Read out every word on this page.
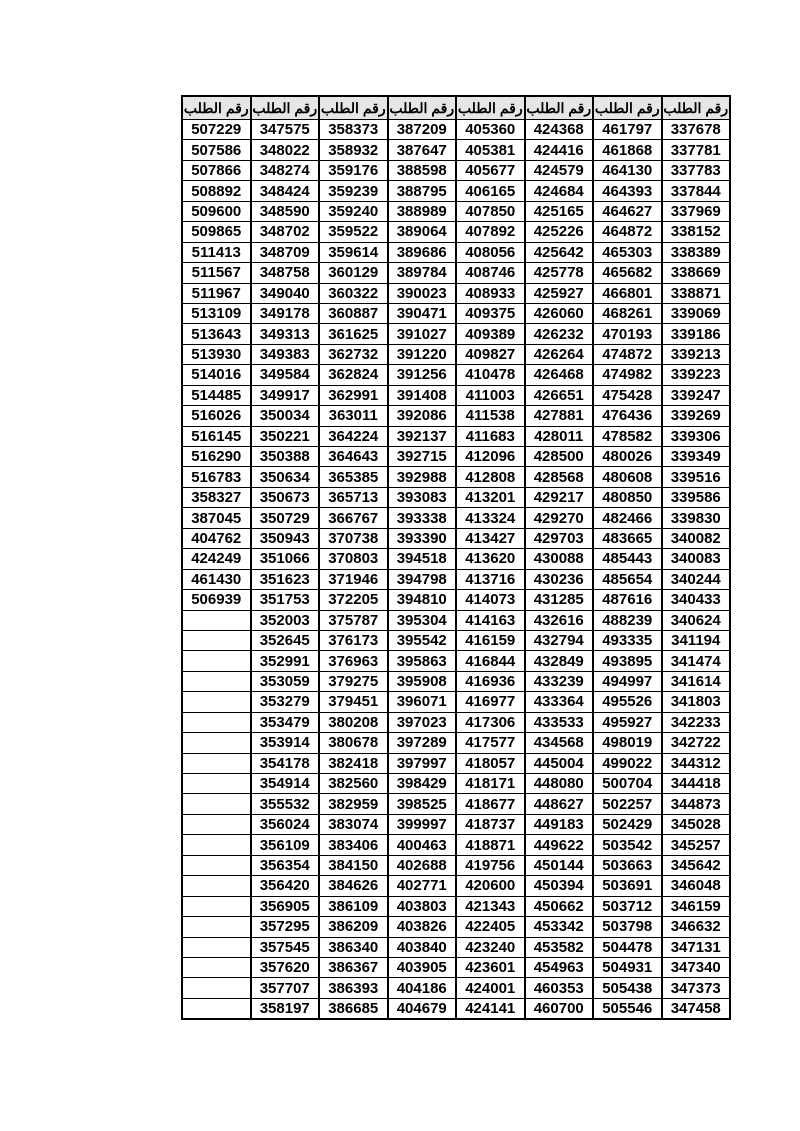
رقم الطلب	رقم الطلب	رقم الطلب	رقم الطلب	رقم الطلب	رقم الطلب	رقم الطلب	رقم الطلب
507229	347575	358373	387209	405360	424368	461797	337678
507586	348022	358932	387647	405381	424416	461868	337781
507866	348274	359176	388598	405677	424579	464130	337783
508892	348424	359239	388795	406165	424684	464393	337844
509600	348590	359240	388989	407850	425165	464627	337969
509865	348702	359522	389064	407892	425226	464872	338152
511413	348709	359614	389686	408056	425642	465303	338389
511567	348758	360129	389784	408746	425778	465682	338669
511967	349040	360322	390023	408933	425927	466801	338871
513109	349178	360887	390471	409375	426060	468261	339069
513643	349313	361625	391027	409389	426232	470193	339186
513930	349383	362732	391220	409827	426264	474872	339213
514016	349584	362824	391256	410478	426468	474982	339223
514485	349917	362991	391408	411003	426651	475428	339247
516026	350034	363011	392086	411538	427881	476436	339269
516145	350221	364224	392137	411683	428011	478582	339306
516290	350388	364643	392715	412096	428500	480026	339349
516783	350634	365385	392988	412808	428568	480608	339516
358327	350673	365713	393083	413201	429217	480850	339586
387045	350729	366767	393338	413324	429270	482466	339830
404762	350943	370738	393390	413427	429703	483665	340082
424249	351066	370803	394518	413620	430088	485443	340083
461430	351623	371946	394798	413716	430236	485654	340244
506939	351753	372205	394810	414073	431285	487616	340433
	352003	375787	395304	414163	432616	488239	340624
	352645	376173	395542	416159	432794	493335	341194
	352991	376963	395863	416844	432849	493895	341474
	353059	379275	395908	416936	433239	494997	341614
	353279	379451	396071	416977	433364	495526	341803
	353479	380208	397023	417306	433533	495927	342233
	353914	380678	397289	417577	434568	498019	342722
	354178	382418	397997	418057	445004	499022	344312
	354914	382560	398429	418171	448080	500704	344418
	355532	382959	398525	418677	448627	502257	344873
	356024	383074	399997	418737	449183	502429	345028
	356109	383406	400463	418871	449622	503542	345257
	356354	384150	402688	419756	450144	503663	345642
	356420	384626	402771	420600	450394	503691	346048
	356905	386109	403803	421343	450662	503712	346159
	357295	386209	403826	422405	453342	503798	346632
	357545	386340	403840	423240	453582	504478	347131
	357620	386367	403905	423601	454963	504931	347340
	357707	386393	404186	424001	460353	505438	347373
	358197	386685	404679	424141	460700	505546	347458
